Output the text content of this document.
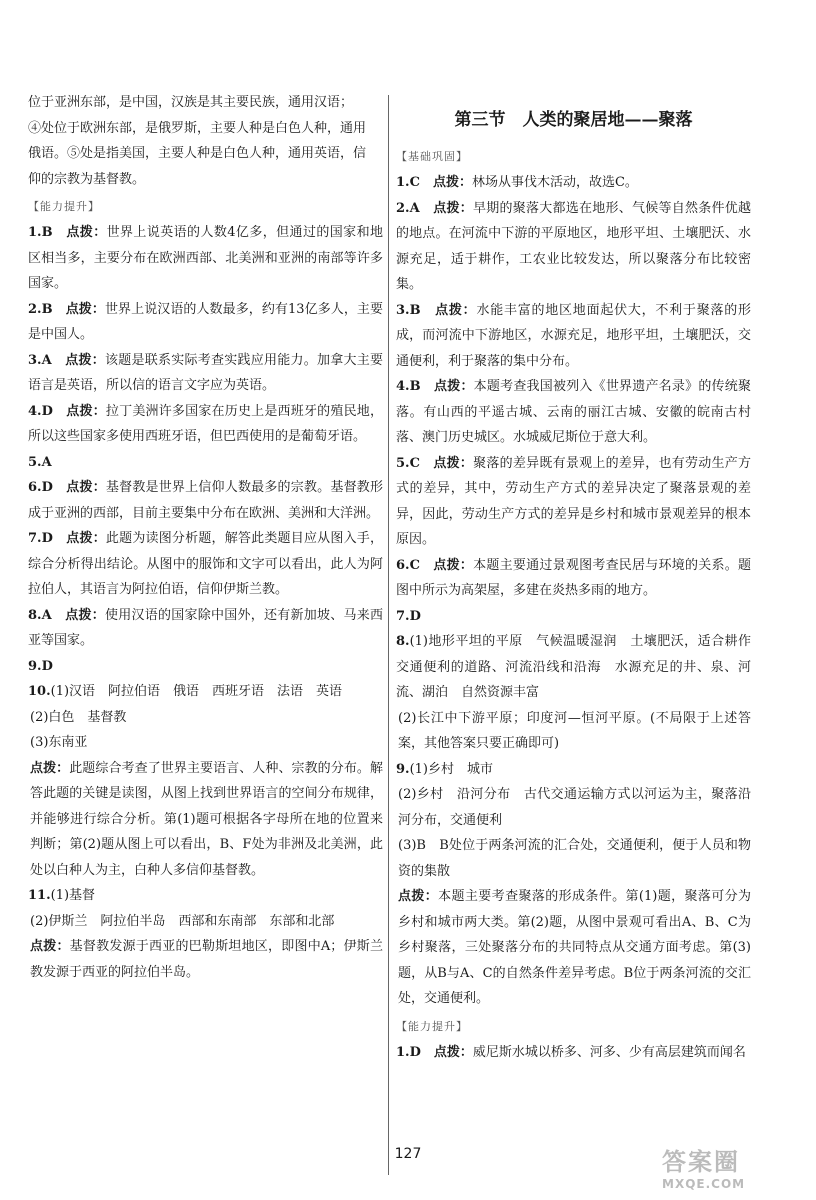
位于亚洲东部，是中国，汉族是其主要民族，通用汉语；

④处位于欧洲东部，是俄罗斯，主要人种是白色人种，通用

俄语。⑤处是指美国，主要人种是白色人种，通用英语，信

仰的宗教为基督教。

【能力提升】

1.B　 点拨：世界上说英语的人数4亿多，但通过的国家和地区相当多，主要分布在欧洲西部、北美洲和亚洲的南部等许多国家。

2.B　 点拨：世界上说汉语的人数最多，约有13亿多人，主要是中国人。

3.A　 点拨：该题是联系实际考查实践应用能力。加拿大主要语言是英语，所以信的语言文字应为英语。

4.D　 点拨：拉丁美洲许多国家在历史上是西班牙的殖民地，所以这些国家多使用西班牙语，但巴西使用的是葡萄牙语。

5.A

6.D　 点拨：基督教是世界上信仰人数最多的宗教。基督教形成于亚洲的西部，目前主要集中分布在欧洲、美洲和大洋洲。

7.D　 点拨：此题为读图分析题，解答此类题目应从图入手，综合分析得出结论。从图中的服饰和文字可以看出，此人为阿拉伯人，其语言为阿拉伯语，信仰伊斯兰教。

8.A　 点拨：使用汉语的国家除中国外，还有新加坡、马来西亚等国家。

9.D

10.(1)汉语　阿拉伯语　俄语　西班牙语　法语　英语

(2)白色　基督教

(3)东南亚

点拨：此题综合考查了世界主要语言、人种、宗教的分布。解答此题的关键是读图，从图上找到世界语言的空间分布规律，并能够进行综合分析。第(1)题可根据各字母所在地的位置来判断；第(2)题从图上可以看出，B、F处为非洲及北美洲，此处以白种人为主，白种人多信仰基督教。

11.(1)基督

(2)伊斯兰　阿拉伯半岛　西部和东南部　东部和北部

点拨：基督教发源于西亚的巴勒斯坦地区，即图中A；伊斯兰教发源于西亚的阿拉伯半岛。

第三节　人类的聚居地——聚落
【基础巩固】

1.C　 点拨：林场从事伐木活动，故选C。

2.A　 点拨：早期的聚落大都选在地形、气候等自然条件优越的地点。在河流中下游的平原地区，地形平坦、土壤肥沃、水源充足，适于耕作，工农业比较发达，所以聚落分布比较密集。

3.B　 点拨：水能丰富的地区地面起伏大，不利于聚落的形成，而河流中下游地区，水源充足，地形平坦，土壤肥沃，交通便利，利于聚落的集中分布。

4.B　 点拨：本题考查我国被列入《世界遗产名录》的传统聚落。有山西的平遥古城、云南的丽江古城、安徽的皖南古村落、澳门历史城区。水城威尼斯位于意大利。

5.C　 点拨：聚落的差异既有景观上的差异，也有劳动生产方式的差异，其中，劳动生产方式的差异决定了聚落景观的差异，因此，劳动生产方式的差异是乡村和城市景观差异的根本原因。

6.C　 点拨：本题主要通过景观图考查民居与环境的关系。题图中所示为高架屋，多建在炎热多雨的地方。

7.D

8.(1)地形平坦的平原　气候温暖湿润　土壤肥沃，适合耕作　交通便利的道路、河流沿线和沿海　水源充足的井、泉、河流、湖泊　自然资源丰富

(2)长江中下游平原；印度河—恒河平原。(不局限于上述答案，其他答案只要正确即可)

9.(1)乡村　城市

(2)乡村　沿河分布　古代交通运输方式以河运为主，聚落沿河分布，交通便利

(3)B　B处位于两条河流的汇合处，交通便利，便于人员和物资的集散

点拨：本题主要考查聚落的形成条件。第(1)题，聚落可分为乡村和城市两大类。第(2)题，从图中景观可看出A、B、C为乡村聚落，三处聚落分布的共同特点从交通方面考虑。第(3)题，从B与A、C的自然条件差异考虑。B位于两条河流的交汇处，交通便利。

【能力提升】

1.D　 点拨：威尼斯水城以桥多、河多、少有高层建筑而闻名

127	答案圈
MXQE.COM
